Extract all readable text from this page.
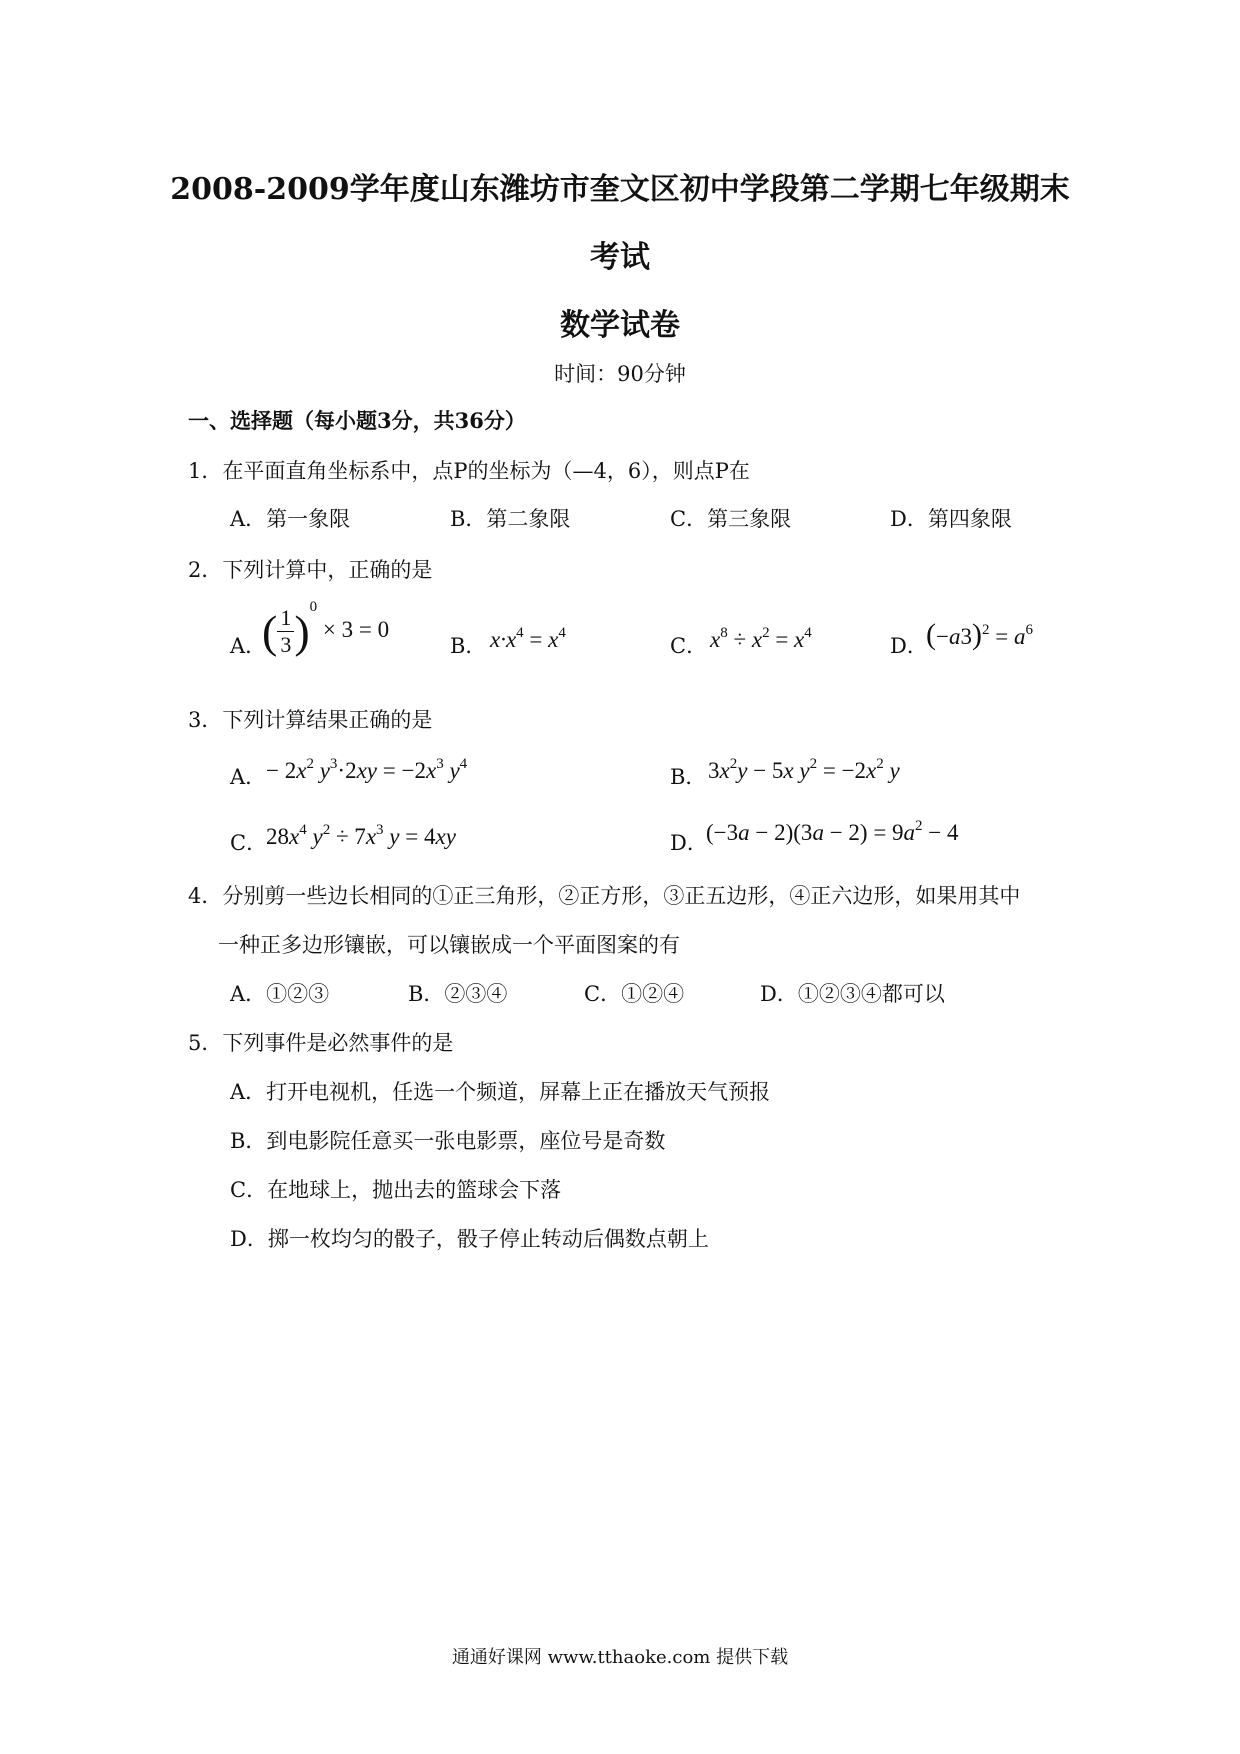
2008-2009学年度山东潍坊市奎文区初中学段第二学期七年级期末
考试
数学试卷
时间：90分钟
一、选择题（每小题3分，共36分）
1．在平面直角坐标系中，点P的坐标为（—4，6），则点P在
A．第一象限	B．第二象限	C．第三象限	D．第四象限
2．下列计算中，正确的是
A．
( $\frac{1}{3} )^0 \times 3 = 0$
B． $x\cdot x^4 = x^4$
C． $x^8 \div x^2 = x^4$
D．
$(-a3)^2 = a^6$
3．下列计算结果正确的是
A． − $2x^2$ $y^3\cdot 2xy = -2x^3$ $y^4$
B． $3x^2y - 5x$ $y^2 = -2x^2$ y
C．
$28x^4$ $y^2 \div 7x^3$ y = 4xy	D．
$(-3a - 2)(3a - 2) = 9a^2 - 4$
4．分别剪一些边长相同的①正三角形，②正方形，③正五边形，④正六边形，如果用其中
一种正多边形镶嵌，可以镶嵌成一个平面图案的有
A．①②③	B．②③④	C．①②④	D．①②③④都可以
5．下列事件是必然事件的是
A．打开电视机，任选一个频道，屏幕上正在播放天气预报
B．到电影院任意买一张电影票，座位号是奇数
C．在地球上，抛出去的篮球会下落
D．掷一枚均匀的骰子，骰子停止转动后偶数点朝上
通通好课网 www.tthaoke.com 提供下载
